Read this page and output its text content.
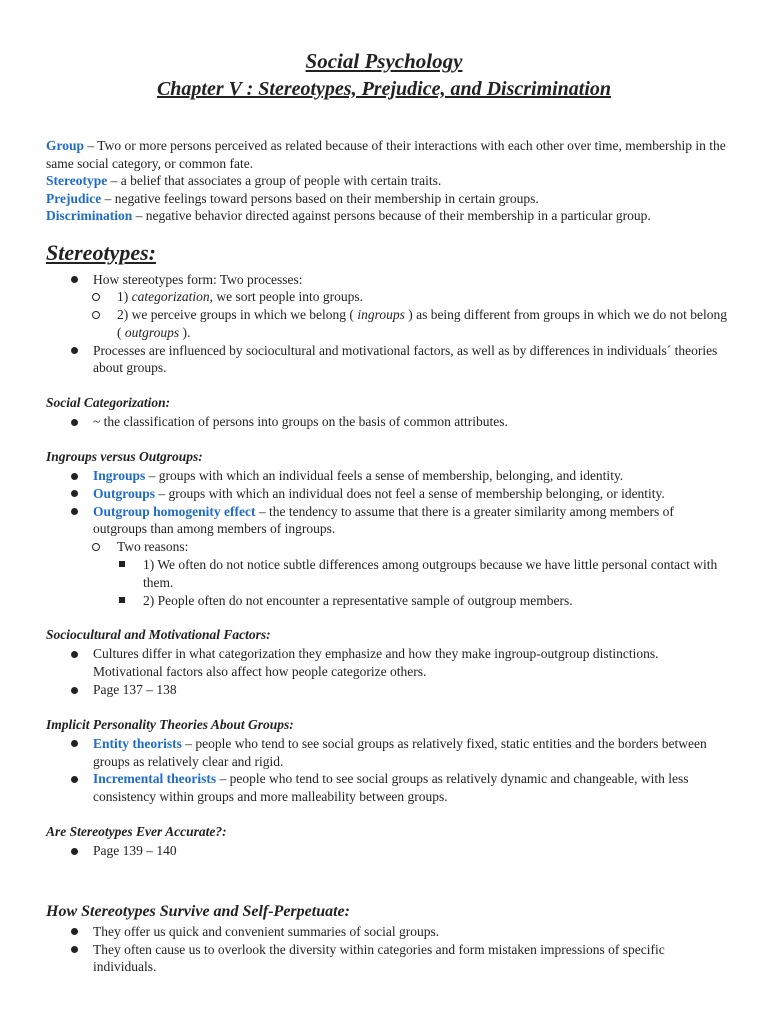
Social Psychology
Chapter V : Stereotypes, Prejudice, and Discrimination

Group – Two or more persons perceived as related because of their interactions with each other over time, membership in the same social category, or common fate.

Stereotype – a belief that associates a group of people with certain traits.

Prejudice – negative feelings toward persons based on their membership in certain groups.

Discrimination – negative behavior directed against persons because of their membership in a particular group.

Stereotypes:
How stereotypes form: Two processes:
1) categorization, we sort people into groups.
2) we perceive groups in which we belong ( ingroups ) as being different from groups in which we do not belong ( outgroups ).
Processes are influenced by sociocultural and motivational factors, as well as by differences in individuals´ theories about groups.
Social Categorization:
~ the classification of persons into groups on the basis of common attributes.
Ingroups versus Outgroups:
Ingroups – groups with which an individual feels a sense of membership, belonging, and identity.
Outgroups – groups with which an individual does not feel a sense of membership belonging, or identity.
Outgroup homogenity effect – the tendency to assume that there is a greater similarity among members of outgroups than among members of ingroups.
Two reasons:
1) We often do not notice subtle differences among outgroups because we have little personal contact with them.
2) People often do not encounter a representative sample of outgroup members.
Sociocultural and Motivational Factors:
Cultures differ in what categorization they emphasize and how they make ingroup-outgroup distinctions. Motivational factors also affect how people categorize others.
Page 137 – 138
Implicit Personality Theories About Groups:
Entity theorists – people who tend to see social groups as relatively fixed, static entities and the borders between groups as relatively clear and rigid.
Incremental theorists – people who tend to see social groups as relatively dynamic and changeable, with less consistency within groups and more malleability between groups.
Are Stereotypes Ever Accurate?:
Page 139 – 140
How Stereotypes Survive and Self-Perpetuate:
They offer us quick and convenient summaries of social groups.
They often cause us to overlook the diversity within categories and form mistaken impressions of specific individuals.
